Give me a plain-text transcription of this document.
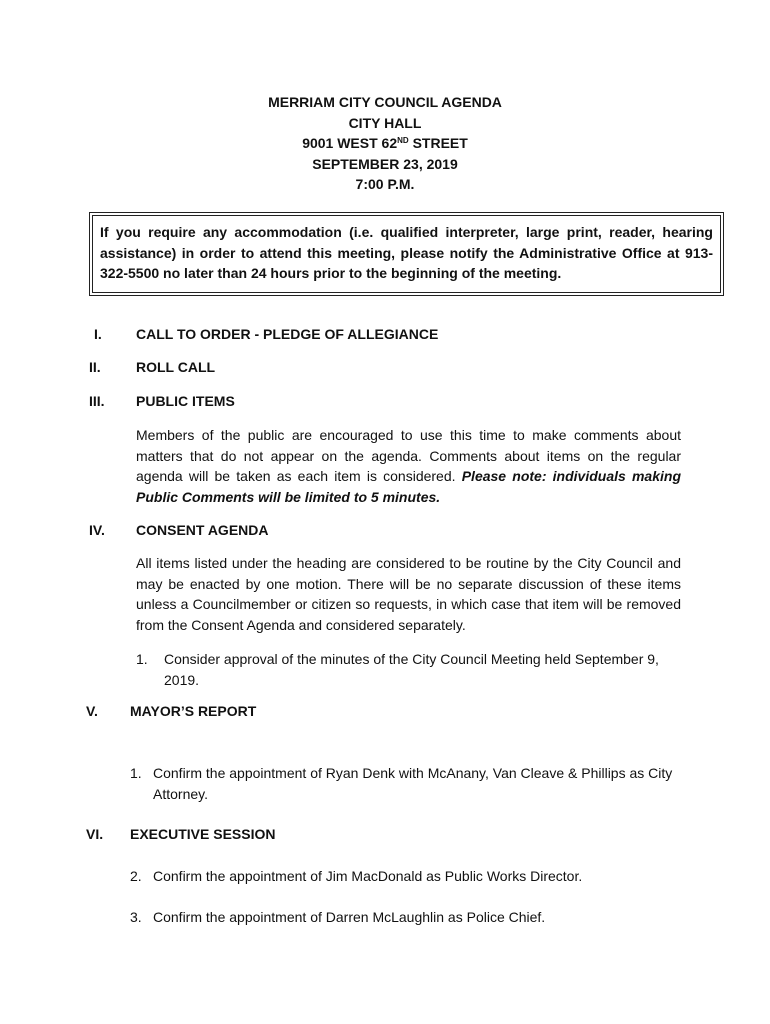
MERRIAM CITY COUNCIL AGENDA
CITY HALL
9001 WEST 62ND STREET
SEPTEMBER 23, 2019
7:00 P.M.
If you require any accommodation (i.e. qualified interpreter, large print, reader, hearing assistance) in order to attend this meeting, please notify the Administrative Office at 913-322-5500 no later than 24 hours prior to the beginning of the meeting.
I. CALL TO ORDER - PLEDGE OF ALLEGIANCE
II.	ROLL CALL
III. PUBLIC ITEMS
Members of the public are encouraged to use this time to make comments about matters that do not appear on the agenda. Comments about items on the regular agenda will be taken as each item is considered. Please note: individuals making Public Comments will be limited to 5 minutes.
IV. CONSENT AGENDA
All items listed under the heading are considered to be routine by the City Council and may be enacted by one motion. There will be no separate discussion of these items unless a Councilmember or citizen so requests, in which case that item will be removed from the Consent Agenda and considered separately.
1.	Consider approval of the minutes of the City Council Meeting held September 9, 2019.
V. MAYOR’S REPORT
1. Confirm the appointment of Ryan Denk with McAnany, Van Cleave & Phillips as City Attorney.
VI. EXECUTIVE SESSION
2. Confirm the appointment of Jim MacDonald as Public Works Director.
3. Confirm the appointment of Darren McLaughlin as Police Chief.
